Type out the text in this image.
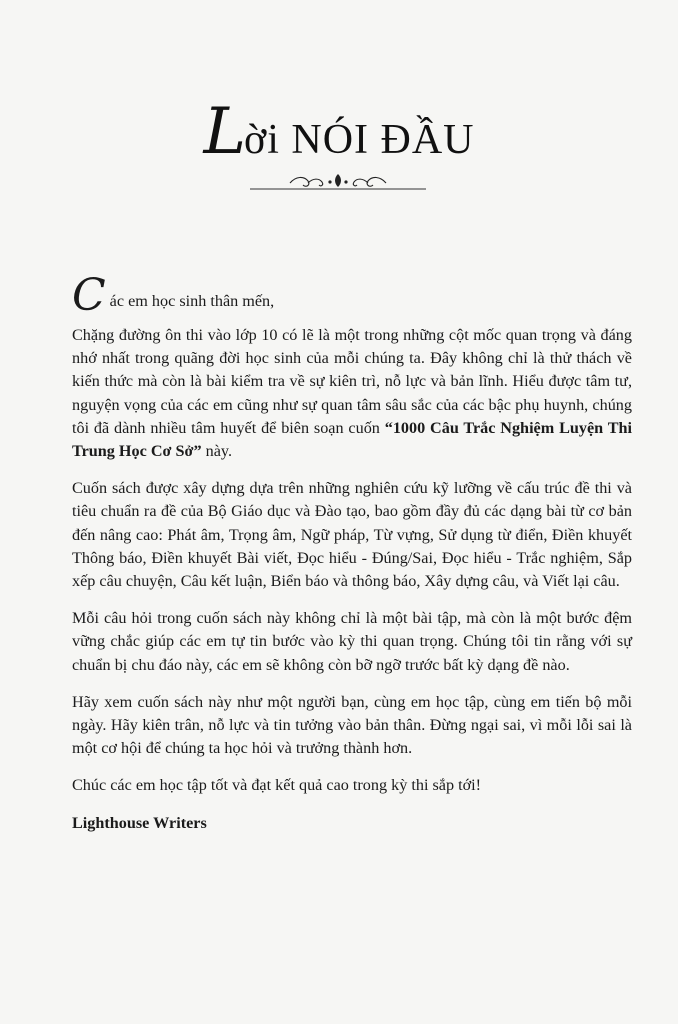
Lời NÓI ĐẦU
C ác em học sinh thân mến,

Chặng đường ôn thi vào lớp 10 có lẽ là một trong những cột mốc quan trọng và đáng nhớ nhất trong quãng đời học sinh của mỗi chúng ta. Đây không chỉ là thử thách về kiến thức mà còn là bài kiểm tra về sự kiên trì, nỗ lực và bản lĩnh. Hiểu được tâm tư, nguyện vọng của các em cũng như sự quan tâm sâu sắc của các bậc phụ huynh, chúng tôi đã dành nhiều tâm huyết để biên soạn cuốn “1000 Câu Trắc Nghiệm Luyện Thi Trung Học Cơ Sở” này.

Cuốn sách được xây dựng dựa trên những nghiên cứu kỹ lưỡng về cấu trúc đề thi và tiêu chuẩn ra đề của Bộ Giáo dục và Đào tạo, bao gồm đầy đủ các dạng bài từ cơ bản đến nâng cao: Phát âm, Trọng âm, Ngữ pháp, Từ vựng, Sử dụng từ điển, Điền khuyết Thông báo, Điền khuyết Bài viết, Đọc hiểu - Đúng/Sai, Đọc hiểu - Trắc nghiệm, Sắp xếp câu chuyện, Câu kết luận, Biển báo và thông báo, Xây dựng câu, và Viết lại câu.

Mỗi câu hỏi trong cuốn sách này không chỉ là một bài tập, mà còn là một bước đệm vững chắc giúp các em tự tin bước vào kỳ thi quan trọng. Chúng tôi tin rằng với sự chuẩn bị chu đáo này, các em sẽ không còn bỡ ngỡ trước bất kỳ dạng đề nào.

Hãy xem cuốn sách này như một người bạn, cùng em học tập, cùng em tiến bộ mỗi ngày. Hãy kiên trân, nỗ lực và tin tưởng vào bản thân. Đừng ngại sai, vì mỗi lỗi sai là một cơ hội để chúng ta học hỏi và trưởng thành hơn.

Chúc các em học tập tốt và đạt kết quả cao trong kỳ thi sắp tới!

Lighthouse Writers
